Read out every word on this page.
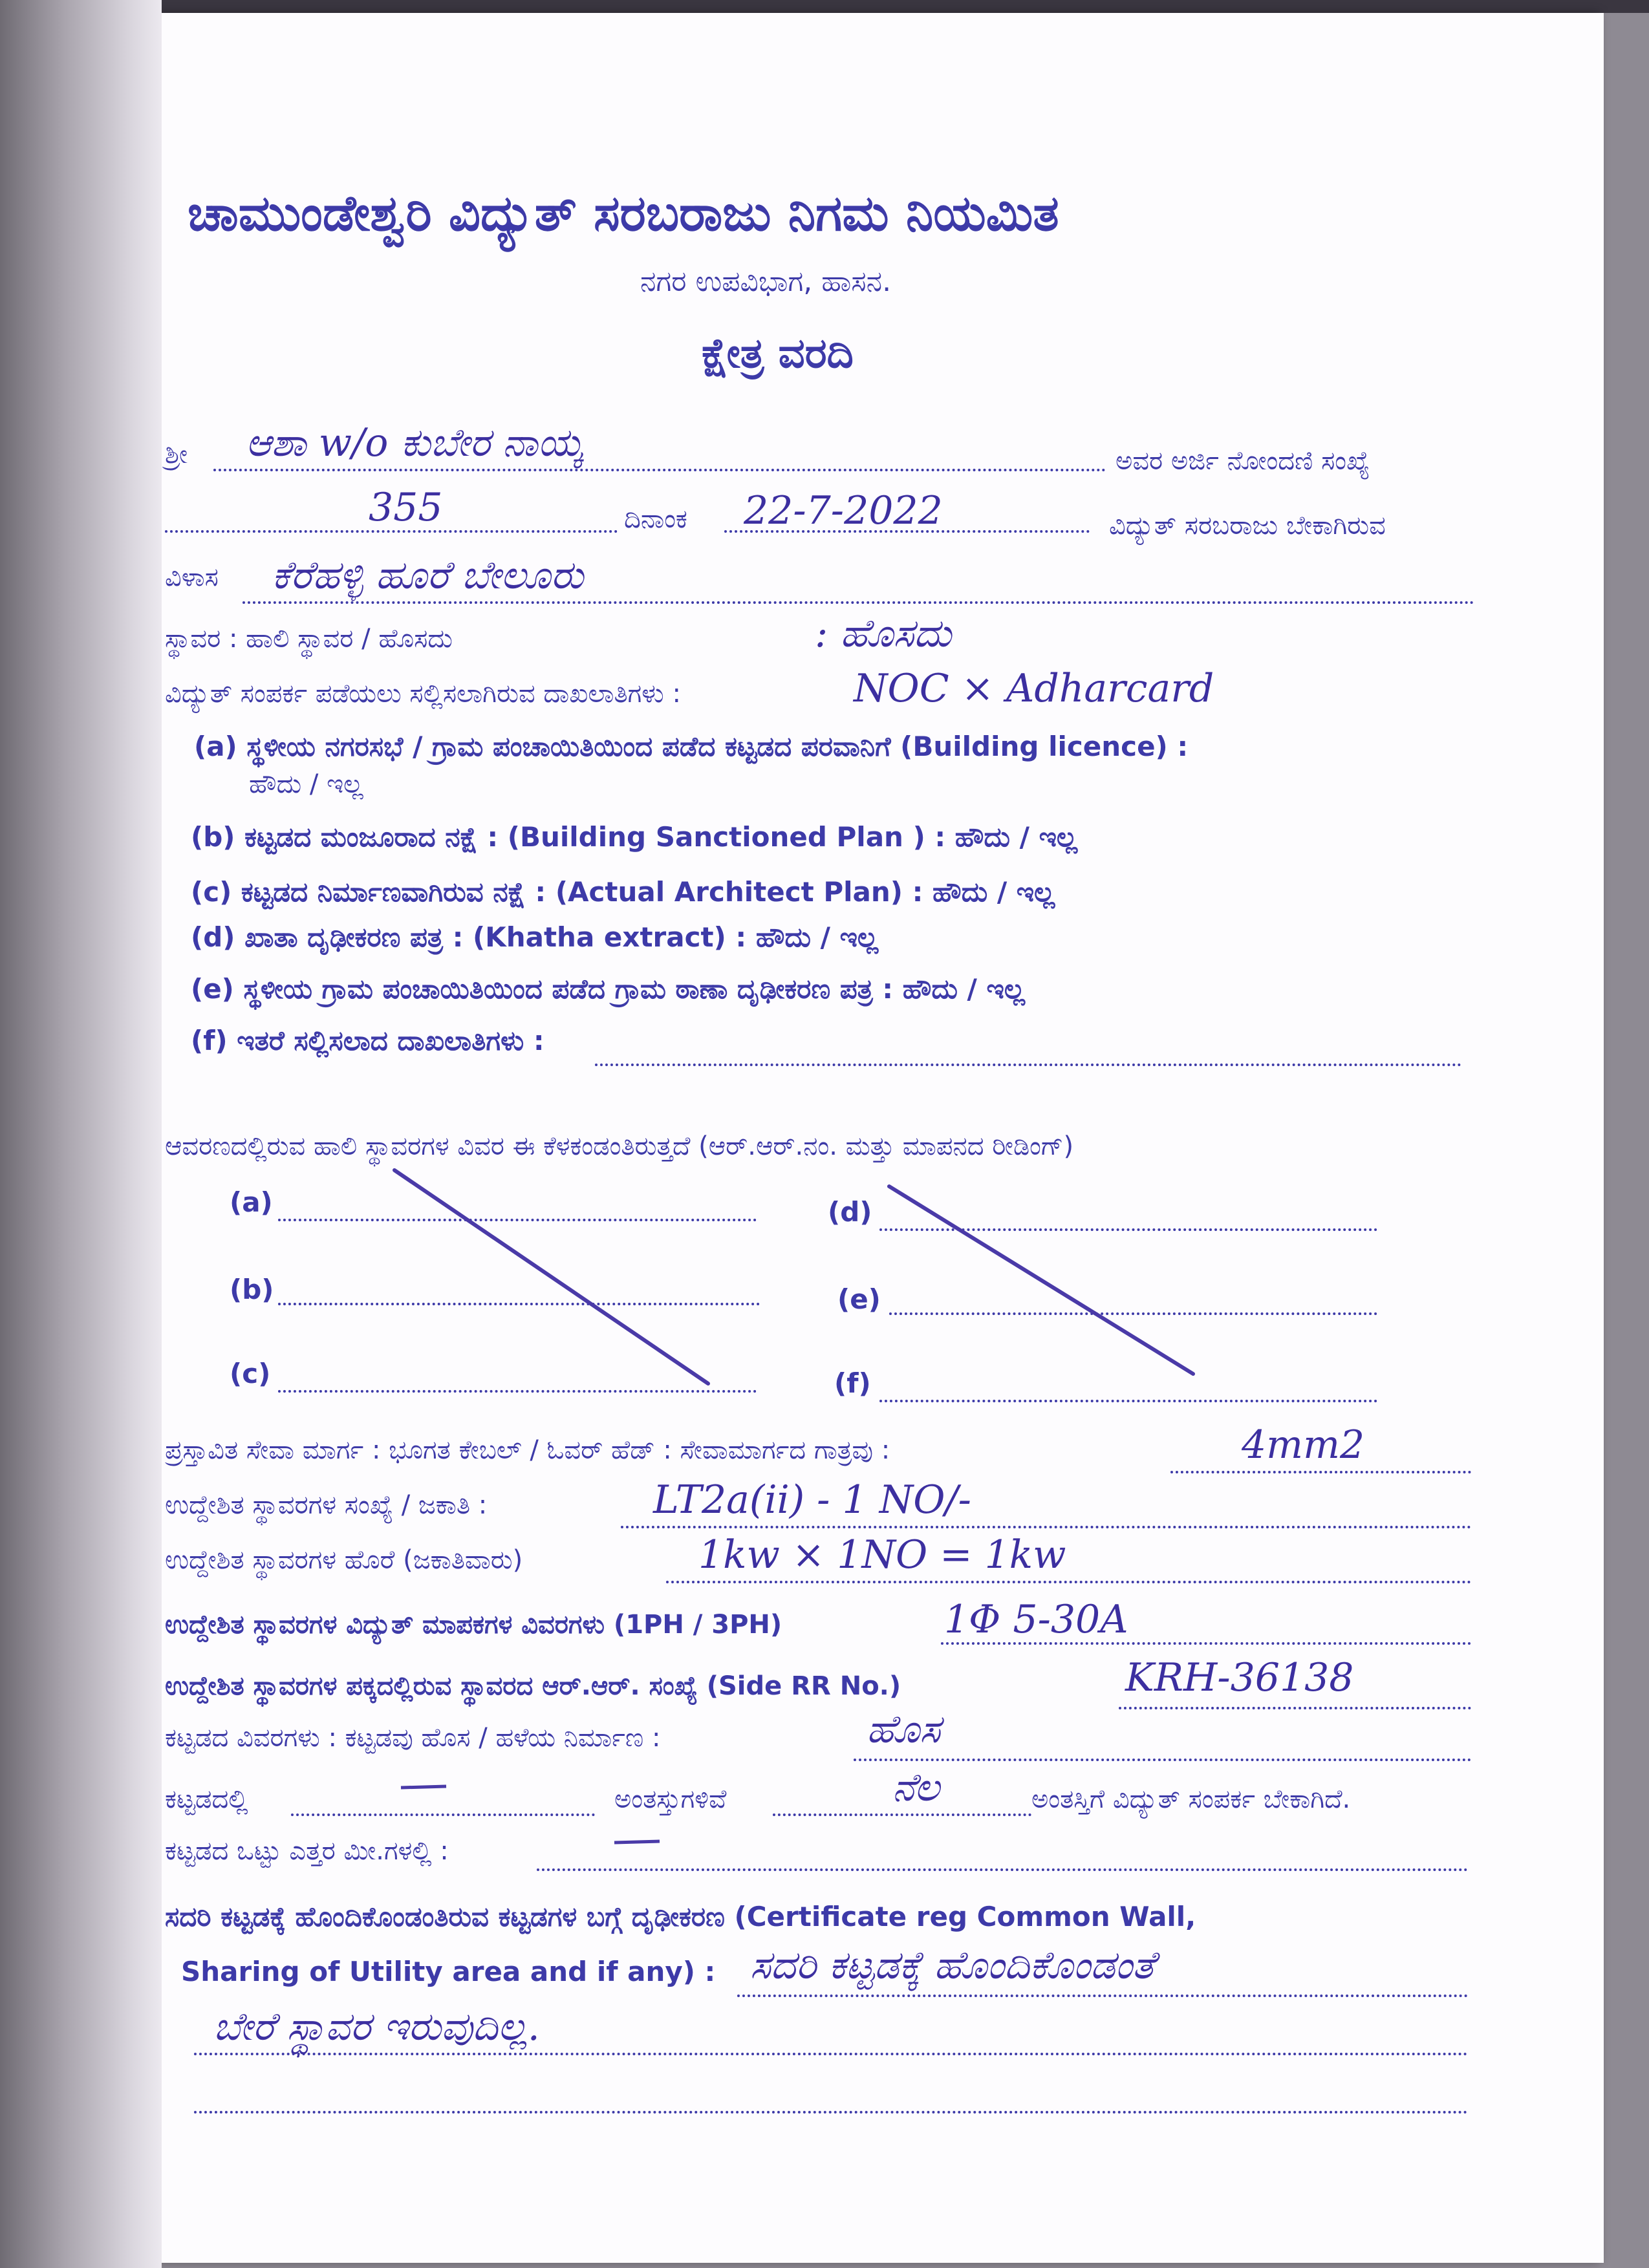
ಚಾಮುಂಡೇಶ್ವರಿ ವಿದ್ಯುತ್ ಸರಬರಾಜು ನಿಗಮ ನಿಯಮಿತ
ನಗರ ಉಪವಿಭಾಗ, ಹಾಸನ.
ಕ್ಷೇತ್ರ ವರದಿ
ಶ್ರೀ ಆಶಾ w/o ಕುಬೇರ ನಾಯ್ಕ	ಅವರ ಅರ್ಜಿ ನೋಂದಣಿ ಸಂಖ್ಯೆ
355	ದಿನಾಂಕ 22-7-2022	ವಿದ್ಯುತ್ ಸರಬರಾಜು ಬೇಕಾಗಿರುವ
ವಿಳಾಸ ಕೆರೆಹಳ್ಳಿ ಹೂರೆ ಬೇಲೂರು
ಸ್ಥಾವರ : ಹಾಲಿ ಸ್ಥಾವರ / ಹೊಸದು	: ಹೊಸದು
ವಿದ್ಯುತ್ ಸಂಪರ್ಕ ಪಡೆಯಲು ಸಲ್ಲಿಸಲಾಗಿರುವ ದಾಖಲಾತಿಗಳು :	NOC × Adharcard
(a) ಸ್ಥಳೀಯ ನಗರಸಭೆ / ಗ್ರಾಮ ಪಂಚಾಯಿತಿಯಿಂದ ಪಡೆದ ಕಟ್ಟಡದ ಪರವಾನಿಗೆ (Building licence) :
ಹೌದು / ಇಲ್ಲ
(b) ಕಟ್ಟಡದ ಮಂಜೂರಾದ ನಕ್ಷೆ : (Building Sanctioned Plan ) : ಹೌದು / ಇಲ್ಲ
(c) ಕಟ್ಟಡದ ನಿರ್ಮಾಣವಾಗಿರುವ ನಕ್ಷೆ : (Actual Architect Plan) : ಹೌದು / ಇಲ್ಲ
(d) ಖಾತಾ ದೃಢೀಕರಣ ಪತ್ರ : (Khatha extract) : ಹೌದು / ಇಲ್ಲ
(e) ಸ್ಥಳೀಯ ಗ್ರಾಮ ಪಂಚಾಯಿತಿಯಿಂದ ಪಡೆದ ಗ್ರಾಮ ಠಾಣಾ ದೃಢೀಕರಣ ಪತ್ರ : ಹೌದು / ಇಲ್ಲ
(f) ಇತರೆ ಸಲ್ಲಿಸಲಾದ ದಾಖಲಾತಿಗಳು :
ಆವರಣದಲ್ಲಿರುವ ಹಾಲಿ ಸ್ಥಾವರಗಳ ವಿವರ ಈ ಕೆಳಕಂಡಂತಿರುತ್ತದೆ (ಆರ್.ಆರ್.ನಂ. ಮತ್ತು ಮಾಪನದ ರೀಡಿಂಗ್)
(a)
(b)
(c)
(d)
(e)
(f)
ಪ್ರಸ್ತಾವಿತ ಸೇವಾ ಮಾರ್ಗ : ಭೂಗತ ಕೇಬಲ್ / ಓವರ್ ಹೆಡ್ : ಸೇವಾಮಾರ್ಗದ ಗಾತ್ರವು :	4mm2
ಉದ್ದೇಶಿತ ಸ್ಥಾವರಗಳ ಸಂಖ್ಯೆ / ಜಕಾತಿ :	LT2a(ii) - 1 NO/-
ಉದ್ದೇಶಿತ ಸ್ಥಾವರಗಳ ಹೊರೆ (ಜಕಾತಿವಾರು)	1kw × 1NO = 1kw
ಉದ್ದೇಶಿತ ಸ್ಥಾವರಗಳ ವಿದ್ಯುತ್ ಮಾಪಕಗಳ ವಿವರಗಳು (1PH / 3PH)	1Φ 5-30A
ಉದ್ದೇಶಿತ ಸ್ಥಾವರಗಳ ಪಕ್ಕದಲ್ಲಿರುವ ಸ್ಥಾವರದ ಆರ್.ಆರ್. ಸಂಖ್ಯೆ (Side RR No.)	KRH-36138
ಕಟ್ಟಡದ ವಿವರಗಳು : ಕಟ್ಟಡವು ಹೊಸ / ಹಳೆಯ ನಿರ್ಮಾಣ :	ಹೊಸ
ಕಟ್ಟಡದಲ್ಲಿ	ಅಂತಸ್ತುಗಳಿವೆ	ನೆಲ	ಅಂತಸ್ತಿಗೆ ವಿದ್ಯುತ್ ಸಂಪರ್ಕ ಬೇಕಾಗಿದೆ.
ಕಟ್ಟಡದ ಒಟ್ಟು ಎತ್ತರ ಮೀ.ಗಳಲ್ಲಿ :
ಸದರಿ ಕಟ್ಟಡಕ್ಕೆ ಹೊಂದಿಕೊಂಡಂತಿರುವ ಕಟ್ಟಡಗಳ ಬಗ್ಗೆ ದೃಢೀಕರಣ (Certificate reg Common Wall,
Sharing of Utility area and if any) : ಸದರಿ ಕಟ್ಟಡಕ್ಕೆ ಹೊಂದಿಕೊಂಡಂತೆ
ಬೇರೆ ಸ್ಥಾವರ ಇರುವುದಿಲ್ಲ.
